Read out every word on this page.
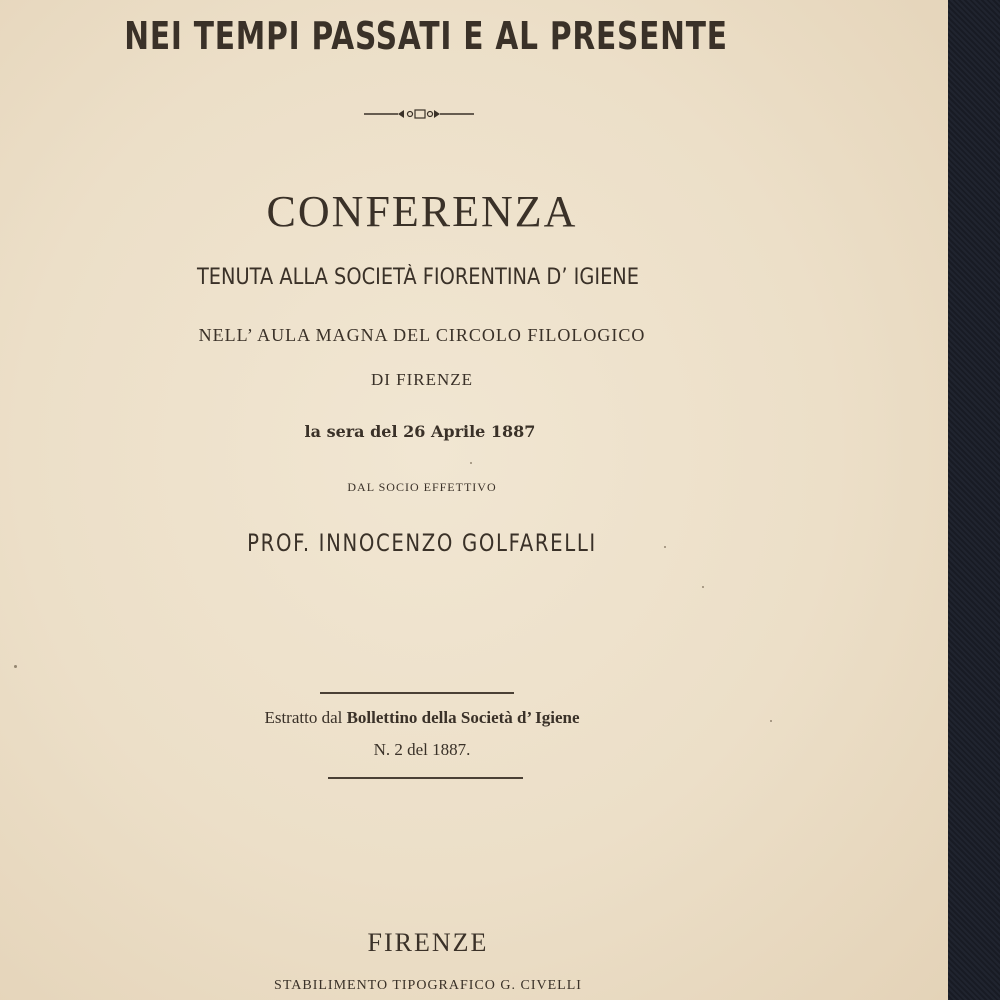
NEI TEMPI PASSATI E AL PRESENTE
CONFERENZA
TENUTA ALLA SOCIETÀ FIORENTINA D’ IGIENE
NELL’ AULA MAGNA DEL CIRCOLO FILOLOGICO
DI FIRENZE
la sera del 26 Aprile 1887
DAL SOCIO EFFETTIVO
PROF. INNOCENZO GOLFARELLI
Estratto dal Bollettino della Società d’ Igiene
N. 2 del 1887.
FIRENZE
STABILIMENTO TIPOGRAFICO G. CIVELLI
